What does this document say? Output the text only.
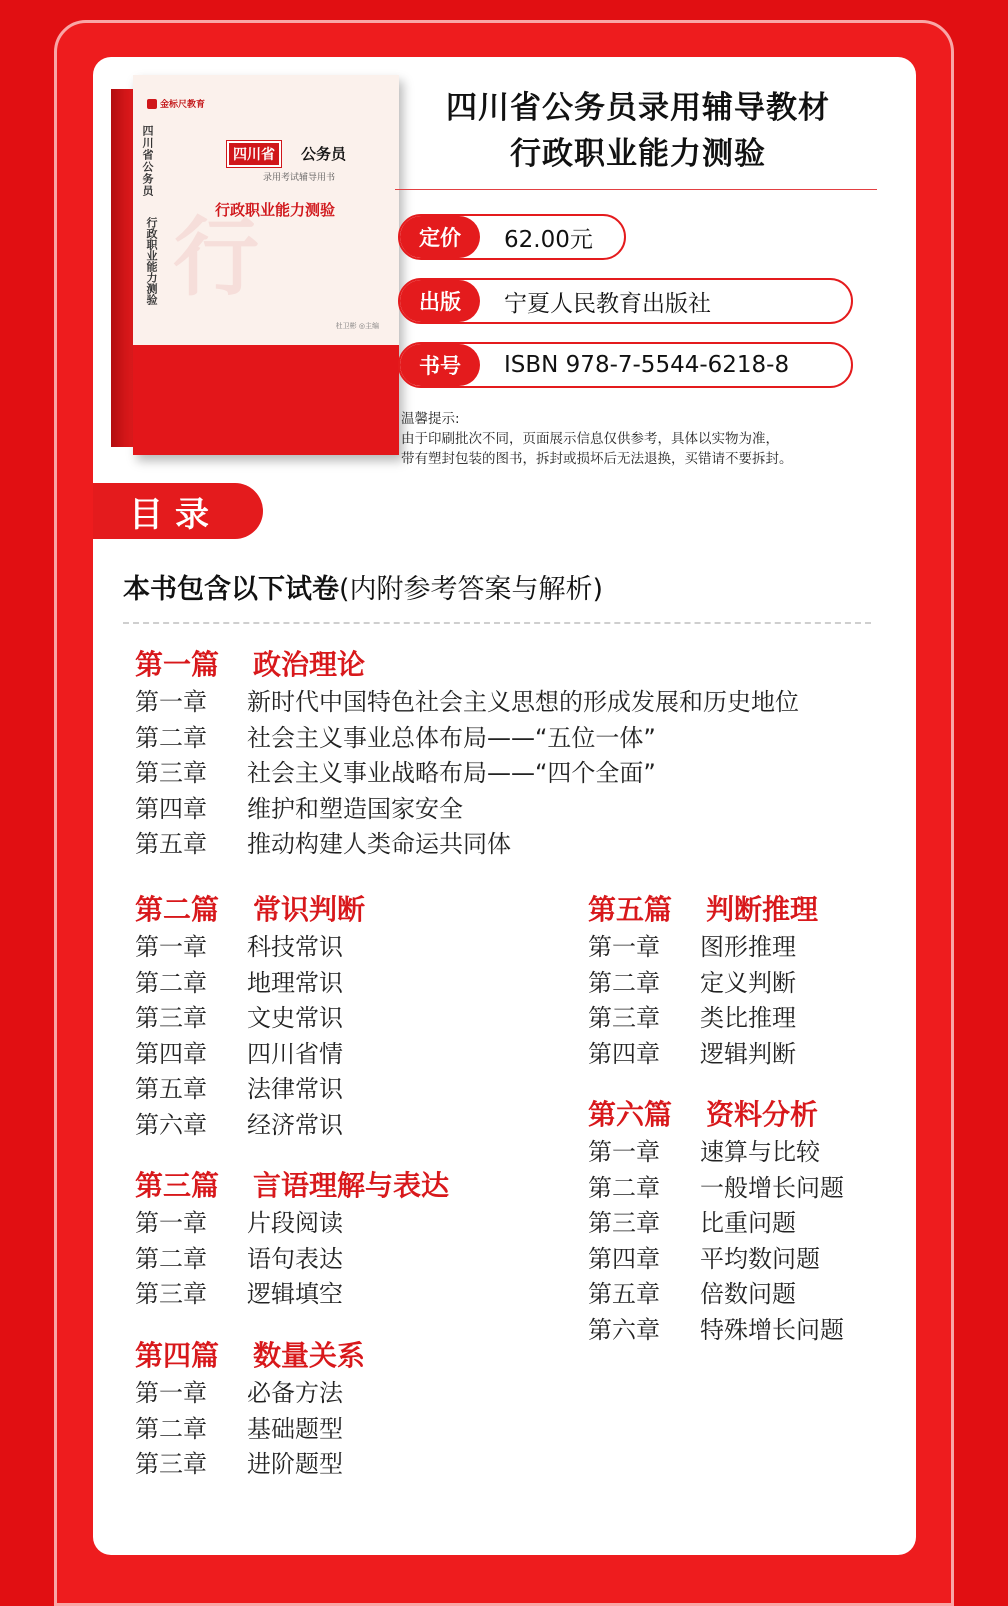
金标尺教育
四川省公务员
行政职业能力测验 行
四川省	公务员
录用考试辅导用书
行政职业能力测验
杜卫彬 ◎主编
四川省公务员录用辅导教材
行政职业能力测验
定价	62.00元
出版	宁夏人民教育出版社
书号	ISBN 978-7-5544-6218-8
温馨提示:
由于印刷批次不同，页面展示信息仅供参考，具体以实物为准，
带有塑封包装的图书，拆封或损坏后无法退换，买错请不要拆封。
目录
本书包含以下试卷(内附参考答案与解析)
第一篇 政治理论
第一章 新时代中国特色社会主义思想的形成发展和历史地位
第二章 社会主义事业总体布局——“五位一体”
第三章 社会主义事业战略布局——“四个全面”
第四章 维护和塑造国家安全
第五章 推动构建人类命运共同体
第二篇 常识判断
第一章 科技常识
第二章 地理常识
第三章 文史常识
第四章 四川省情
第五章 法律常识
第六章 经济常识
第三篇 言语理解与表达
第一章 片段阅读
第二章 语句表达
第三章 逻辑填空
第四篇 数量关系
第一章 必备方法
第二章 基础题型
第三章 进阶题型
第五篇 判断推理
第一章 图形推理
第二章 定义判断
第三章 类比推理
第四章 逻辑判断
第六篇 资料分析
第一章 速算与比较
第二章 一般增长问题
第三章 比重问题
第四章 平均数问题
第五章 倍数问题
第六章 特殊增长问题
